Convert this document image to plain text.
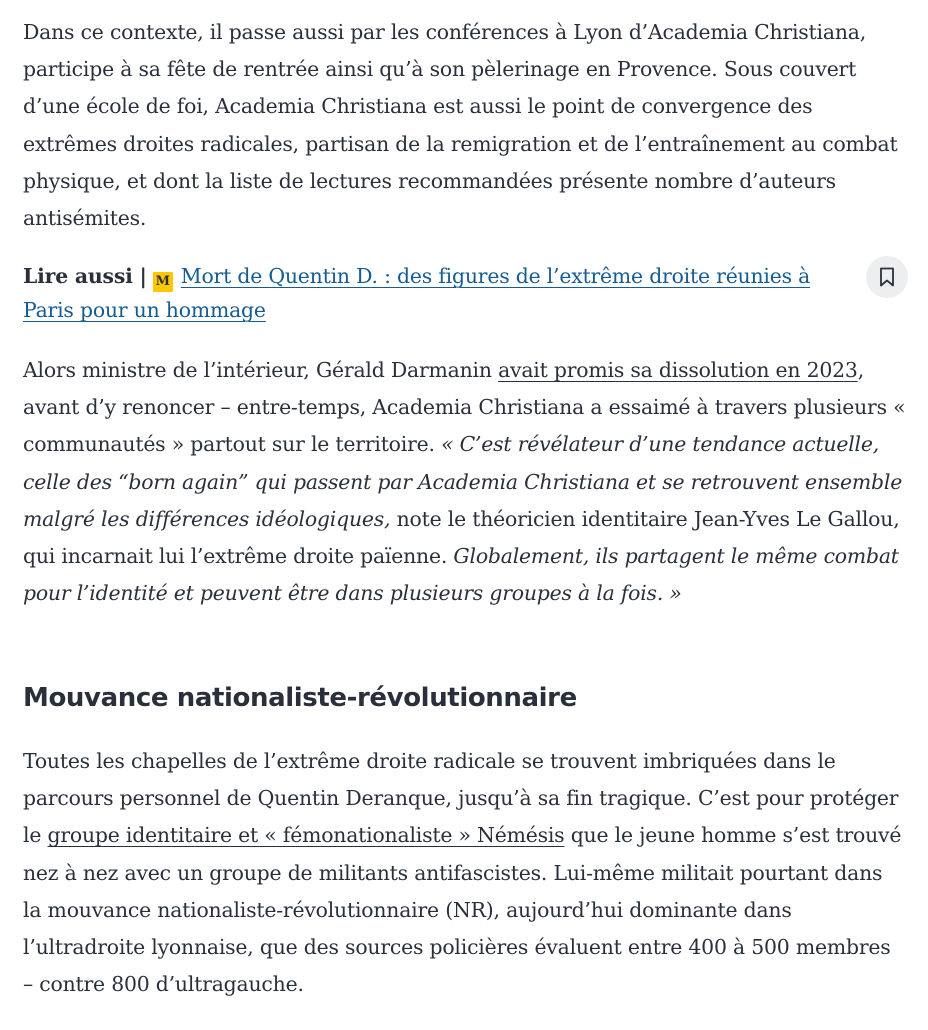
Dans ce contexte, il passe aussi par les conférences à Lyon d’Academia Christiana, participe à sa fête de rentrée ainsi qu’à son pèlerinage en Provence. Sous couvert d’une école de foi, Academia Christiana est aussi le point de convergence des extrêmes droites radicales, partisan de la remigration et de l’entraînement au combat physique, et dont la liste de lectures recommandées présente nombre d’auteurs antisémites.

Lire aussi | M Mort de Quentin D. : des figures de l’extrême droite réunies à Paris pour un hommage

Alors ministre de l’intérieur, Gérald Darmanin avait promis sa dissolution en 2023, avant d’y renoncer – entre-temps, Academia Christiana a essaimé à travers plusieurs « communautés » partout sur le territoire. « C’est révélateur d’une tendance actuelle, celle des “born again” qui passent par Academia Christiana et se retrouvent ensemble malgré les différences idéologiques, note le théoricien identitaire Jean-Yves Le Gallou, qui incarnait lui l’extrême droite païenne. Globalement, ils partagent le même combat pour l’identité et peuvent être dans plusieurs groupes à la fois. »

Mouvance nationaliste-révolutionnaire

Toutes les chapelles de l’extrême droite radicale se trouvent imbriquées dans le parcours personnel de Quentin Deranque, jusqu’à sa fin tragique. C’est pour protéger le groupe identitaire et « fémonationaliste » Némésis que le jeune homme s’est trouvé nez à nez avec un groupe de militants antifascistes. Lui-même militait pourtant dans la mouvance nationaliste-révolutionnaire (NR), aujourd’hui dominante dans l’ultradroite lyonnaise, que des sources policières évaluent entre 400 à 500 membres – contre 800 d’ultragauche.
